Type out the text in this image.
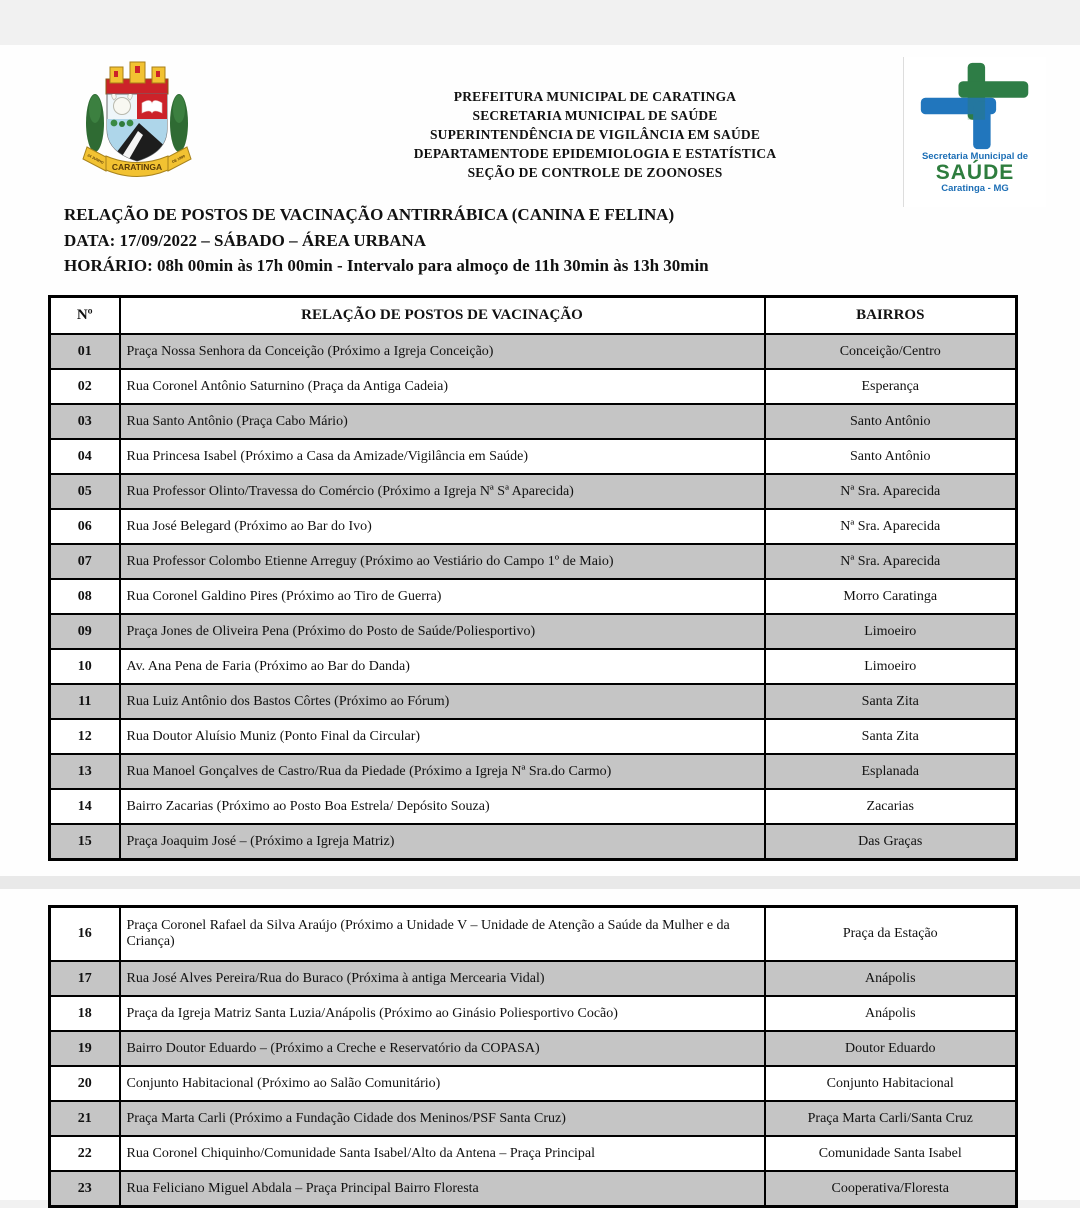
CARATINGA
24 JUNHO	DE 1890
PREFEITURA MUNICIPAL DE CARATINGA
SECRETARIA MUNICIPAL DE SAÚDE
SUPERINTENDÊNCIA DE VIGILÂNCIA EM SAÚDE
DEPARTAMENTODE EPIDEMIOLOGIA E ESTATÍSTICA
SEÇÃO DE CONTROLE DE ZOONOSES
Secretaria Municipal de
SAÚDE
Caratinga - MG
RELAÇÃO DE POSTOS DE VACINAÇÃO ANTIRRÁBICA (CANINA E FELINA)
DATA: 17/09/2022 – SÁBADO – ÁREA URBANA
HORÁRIO: 08h 00min às 17h 00min - Intervalo para almoço de 11h 30min às 13h 30min
Nº	RELAÇÃO DE POSTOS DE VACINAÇÃO	BAIRROS
01	Praça Nossa Senhora da Conceição (Próximo a Igreja Conceição)	Conceição/Centro
02	Rua Coronel Antônio Saturnino (Praça da Antiga Cadeia)	Esperança
03	Rua Santo Antônio (Praça Cabo Mário)	Santo Antônio
04	Rua Princesa Isabel (Próximo a Casa da Amizade/Vigilância em Saúde)	Santo Antônio
05	Rua Professor Olinto/Travessa do Comércio (Próximo a Igreja Nª Sª Aparecida)	Nª Sra. Aparecida
06	Rua José Belegard (Próximo ao Bar do Ivo)	Nª Sra. Aparecida
07	Rua Professor Colombo Etienne Arreguy (Próximo ao Vestiário do Campo 1º de Maio)	Nª Sra. Aparecida
08	Rua Coronel Galdino Pires (Próximo ao Tiro de Guerra)	Morro Caratinga
09	Praça Jones de Oliveira Pena (Próximo do Posto de Saúde/Poliesportivo)	Limoeiro
10	Av. Ana Pena de Faria (Próximo ao Bar do Danda)	Limoeiro
11	Rua Luiz Antônio dos Bastos Côrtes (Próximo ao Fórum)	Santa Zita
12	Rua Doutor Aluísio Muniz (Ponto Final da Circular)	Santa Zita
13	Rua Manoel Gonçalves de Castro/Rua da Piedade (Próximo a Igreja Nª Sra.do Carmo)	Esplanada
14	Bairro Zacarias (Próximo ao Posto Boa Estrela/ Depósito Souza)	Zacarias
15	Praça Joaquim José – (Próximo a Igreja Matriz)	Das Graças
16	Praça Coronel Rafael da Silva Araújo (Próximo a Unidade V – Unidade de Atenção a Saúde da Mulher e da Criança)	Praça da Estação
17	Rua José Alves Pereira/Rua do Buraco (Próxima à antiga Mercearia Vidal)	Anápolis
18	Praça da Igreja Matriz Santa Luzia/Anápolis (Próximo ao Ginásio Poliesportivo Cocão)	Anápolis
19	Bairro Doutor Eduardo – (Próximo a Creche e Reservatório da COPASA)	Doutor Eduardo
20	Conjunto Habitacional (Próximo ao Salão Comunitário)	Conjunto Habitacional
21	Praça Marta Carli (Próximo a Fundação Cidade dos Meninos/PSF Santa Cruz)	Praça Marta Carli/Santa Cruz
22	Rua Coronel Chiquinho/Comunidade Santa Isabel/Alto da Antena – Praça Principal	Comunidade Santa Isabel
23	Rua Feliciano Miguel Abdala – Praça Principal Bairro Floresta	Cooperativa/Floresta
